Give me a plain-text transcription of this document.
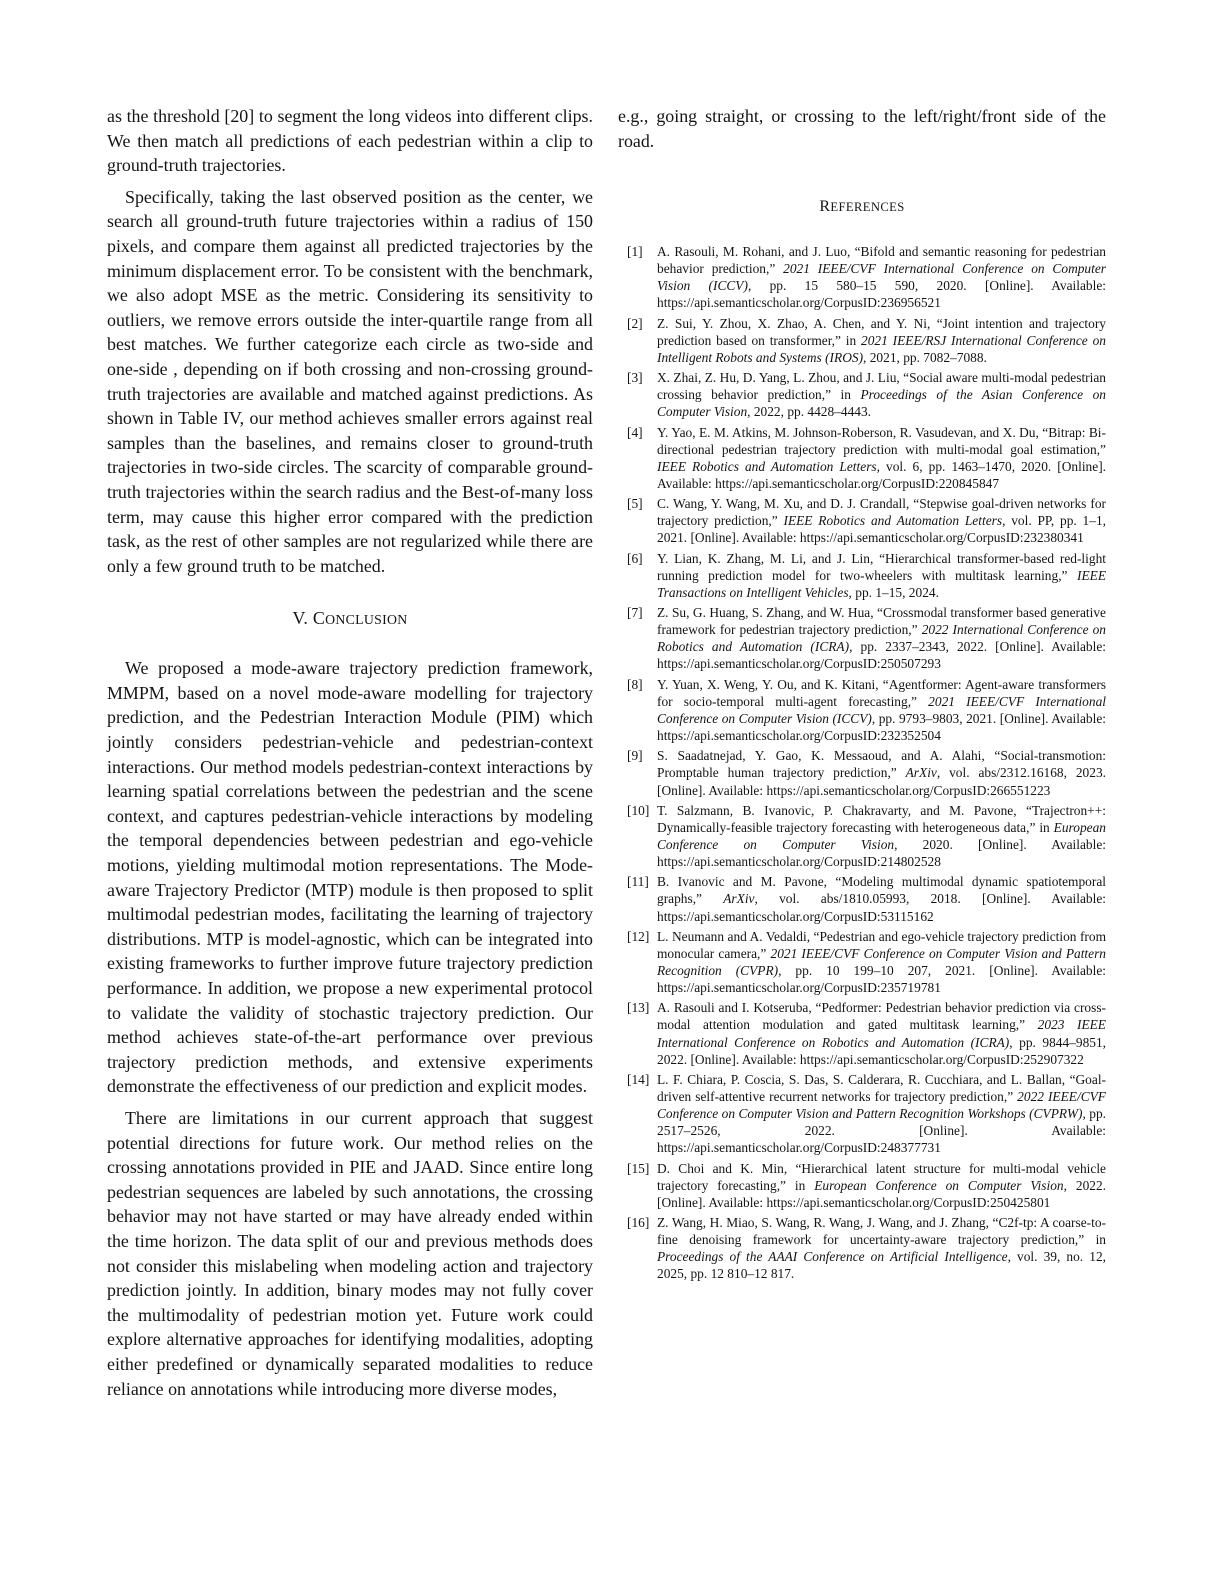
as the threshold [20] to segment the long videos into different clips. We then match all predictions of each pedestrian within a clip to ground-truth trajectories.

Specifically, taking the last observed position as the center, we search all ground-truth future trajectories within a radius of 150 pixels, and compare them against all predicted trajectories by the minimum displacement error. To be consistent with the benchmark, we also adopt MSE as the metric. Considering its sensitivity to outliers, we remove errors outside the inter-quartile range from all best matches. We further categorize each circle as two-side and one-side , depending on if both crossing and non-crossing ground-truth trajectories are available and matched against predictions. As shown in Table IV, our method achieves smaller errors against real samples than the baselines, and remains closer to ground-truth trajectories in two-side circles. The scarcity of comparable ground-truth trajectories within the search radius and the Best-of-many loss term, may cause this higher error compared with the prediction task, as the rest of other samples are not regularized while there are only a few ground truth to be matched.

V. CONCLUSION

We proposed a mode-aware trajectory prediction framework, MMPM, based on a novel mode-aware modelling for trajectory prediction, and the Pedestrian Interaction Module (PIM) which jointly considers pedestrian-vehicle and pedestrian-context interactions. Our method models pedestrian-context interactions by learning spatial correlations between the pedestrian and the scene context, and captures pedestrian-vehicle interactions by modeling the temporal dependencies between pedestrian and ego-vehicle motions, yielding multimodal motion representations. The Mode-aware Trajectory Predictor (MTP) module is then proposed to split multimodal pedestrian modes, facilitating the learning of trajectory distributions. MTP is model-agnostic, which can be integrated into existing frameworks to further improve future trajectory prediction performance. In addition, we propose a new experimental protocol to validate the validity of stochastic trajectory prediction. Our method achieves state-of-the-art performance over previous trajectory prediction methods, and extensive experiments demonstrate the effectiveness of our prediction and explicit modes.

There are limitations in our current approach that suggest potential directions for future work. Our method relies on the crossing annotations provided in PIE and JAAD. Since entire long pedestrian sequences are labeled by such annotations, the crossing behavior may not have started or may have already ended within the time horizon. The data split of our and previous methods does not consider this mislabeling when modeling action and trajectory prediction jointly. In addition, binary modes may not fully cover the multimodality of pedestrian motion yet. Future work could explore alternative approaches for identifying modalities, adopting either predefined or dynamically separated modalities to reduce reliance on annotations while introducing more diverse modes,

e.g., going straight, or crossing to the left/right/front side of the road.

REFERENCES
[1] A. Rasouli, M. Rohani, and J. Luo, “Bifold and semantic reasoning for pedestrian behavior prediction,” 2021 IEEE/CVF International Conference on Computer Vision (ICCV), pp. 15 580–15 590, 2020. [Online]. Available: https://api.semanticscholar.org/CorpusID:236956521
[2] Z. Sui, Y. Zhou, X. Zhao, A. Chen, and Y. Ni, “Joint intention and trajectory prediction based on transformer,” in 2021 IEEE/RSJ International Conference on Intelligent Robots and Systems (IROS), 2021, pp. 7082–7088.
[3] X. Zhai, Z. Hu, D. Yang, L. Zhou, and J. Liu, “Social aware multi-modal pedestrian crossing behavior prediction,” in Proceedings of the Asian Conference on Computer Vision, 2022, pp. 4428–4443.
[4] Y. Yao, E. M. Atkins, M. Johnson-Roberson, R. Vasudevan, and X. Du, “Bitrap: Bi-directional pedestrian trajectory prediction with multi-modal goal estimation,” IEEE Robotics and Automation Letters, vol. 6, pp. 1463–1470, 2020. [Online]. Available: https://api.semanticscholar.org/CorpusID:220845847
[5] C. Wang, Y. Wang, M. Xu, and D. J. Crandall, “Stepwise goal-driven networks for trajectory prediction,” IEEE Robotics and Automation Letters, vol. PP, pp. 1–1, 2021. [Online]. Available: https://api.semanticscholar.org/CorpusID:232380341
[6] Y. Lian, K. Zhang, M. Li, and J. Lin, “Hierarchical transformer-based red-light running prediction model for two-wheelers with multitask learning,” IEEE Transactions on Intelligent Vehicles, pp. 1–15, 2024.
[7] Z. Su, G. Huang, S. Zhang, and W. Hua, “Crossmodal transformer based generative framework for pedestrian trajectory prediction,” 2022 International Conference on Robotics and Automation (ICRA), pp. 2337–2343, 2022. [Online]. Available: https://api.semanticscholar.org/CorpusID:250507293
[8] Y. Yuan, X. Weng, Y. Ou, and K. Kitani, “Agentformer: Agent-aware transformers for socio-temporal multi-agent forecasting,” 2021 IEEE/CVF International Conference on Computer Vision (ICCV), pp. 9793–9803, 2021. [Online]. Available: https://api.semanticscholar.org/CorpusID:232352504
[9] S. Saadatnejad, Y. Gao, K. Messaoud, and A. Alahi, “Social-transmotion: Promptable human trajectory prediction,” ArXiv, vol. abs/2312.16168, 2023. [Online]. Available: https://api.semanticscholar.org/CorpusID:266551223
[10] T. Salzmann, B. Ivanovic, P. Chakravarty, and M. Pavone, “Trajectron++: Dynamically-feasible trajectory forecasting with heterogeneous data,” in European Conference on Computer Vision, 2020. [Online]. Available: https://api.semanticscholar.org/CorpusID:214802528
[11] B. Ivanovic and M. Pavone, “Modeling multimodal dynamic spatiotemporal graphs,” ArXiv, vol. abs/1810.05993, 2018. [Online]. Available: https://api.semanticscholar.org/CorpusID:53115162
[12] L. Neumann and A. Vedaldi, “Pedestrian and ego-vehicle trajectory prediction from monocular camera,” 2021 IEEE/CVF Conference on Computer Vision and Pattern Recognition (CVPR), pp. 10 199–10 207, 2021. [Online]. Available: https://api.semanticscholar.org/CorpusID:235719781
[13] A. Rasouli and I. Kotseruba, “Pedformer: Pedestrian behavior prediction via cross-modal attention modulation and gated multitask learning,” 2023 IEEE International Conference on Robotics and Automation (ICRA), pp. 9844–9851, 2022. [Online]. Available: https://api.semanticscholar.org/CorpusID:252907322
[14] L. F. Chiara, P. Coscia, S. Das, S. Calderara, R. Cucchiara, and L. Ballan, “Goal-driven self-attentive recurrent networks for trajectory prediction,” 2022 IEEE/CVF Conference on Computer Vision and Pattern Recognition Workshops (CVPRW), pp. 2517–2526, 2022. [Online]. Available: https://api.semanticscholar.org/CorpusID:248377731
[15] D. Choi and K. Min, “Hierarchical latent structure for multi-modal vehicle trajectory forecasting,” in European Conference on Computer Vision, 2022. [Online]. Available: https://api.semanticscholar.org/CorpusID:250425801
[16] Z. Wang, H. Miao, S. Wang, R. Wang, J. Wang, and J. Zhang, “C2f-tp: A coarse-to-fine denoising framework for uncertainty-aware trajectory prediction,” in Proceedings of the AAAI Conference on Artificial Intelligence, vol. 39, no. 12, 2025, pp. 12 810–12 817.
